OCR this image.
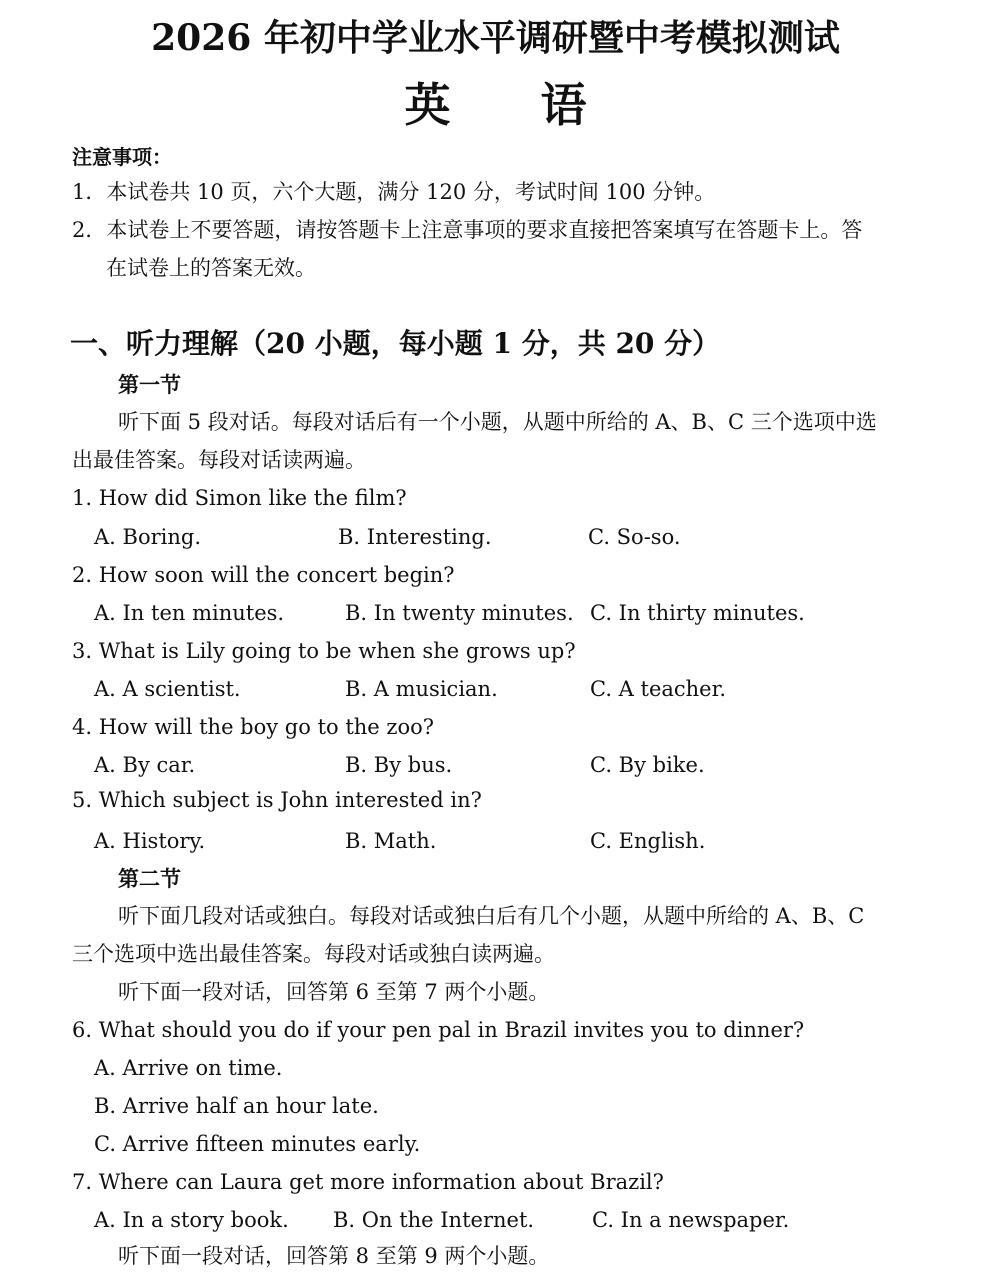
2026 年初中学业水平调研暨中考模拟测试
英语
注意事项：
1．本试卷共 10 页，六个大题，满分 120 分，考试时间 100 分钟。
2．本试卷上不要答题，请按答题卡上注意事项的要求直接把答案填写在答题卡上。答
在试卷上的答案无效。
一、听力理解（20 小题，每小题 1 分，共 20 分）
第一节
听下面 5 段对话。每段对话后有一个小题，从题中所给的 A、B、C 三个选项中选
出最佳答案。每段对话读两遍。
1. How did Simon like the film?
A. Boring.	B. Interesting.	C. So-so.
2. How soon will the concert begin?
A. In ten minutes.	B. In twenty minutes. C. In thirty minutes.
3. What is Lily going to be when she grows up?
A. A scientist.	B. A musician.	C. A teacher.
4. How will the boy go to the zoo?
A. By car.	B. By bus.	C. By bike.
5. Which subject is John interested in?
A. History.	B. Math.	C. English.
第二节
听下面几段对话或独白。每段对话或独白后有几个小题，从题中所给的 A、B、C
三个选项中选出最佳答案。每段对话或独白读两遍。
听下面一段对话，回答第 6 至第 7 两个小题。
6. What should you do if your pen pal in Brazil invites you to dinner?
A. Arrive on time.
B. Arrive half an hour late.
C. Arrive fifteen minutes early.
7. Where can Laura get more information about Brazil?
A. In a story book. B. On the Internet.	C. In a newspaper.
听下面一段对话，回答第 8 至第 9 两个小题。
